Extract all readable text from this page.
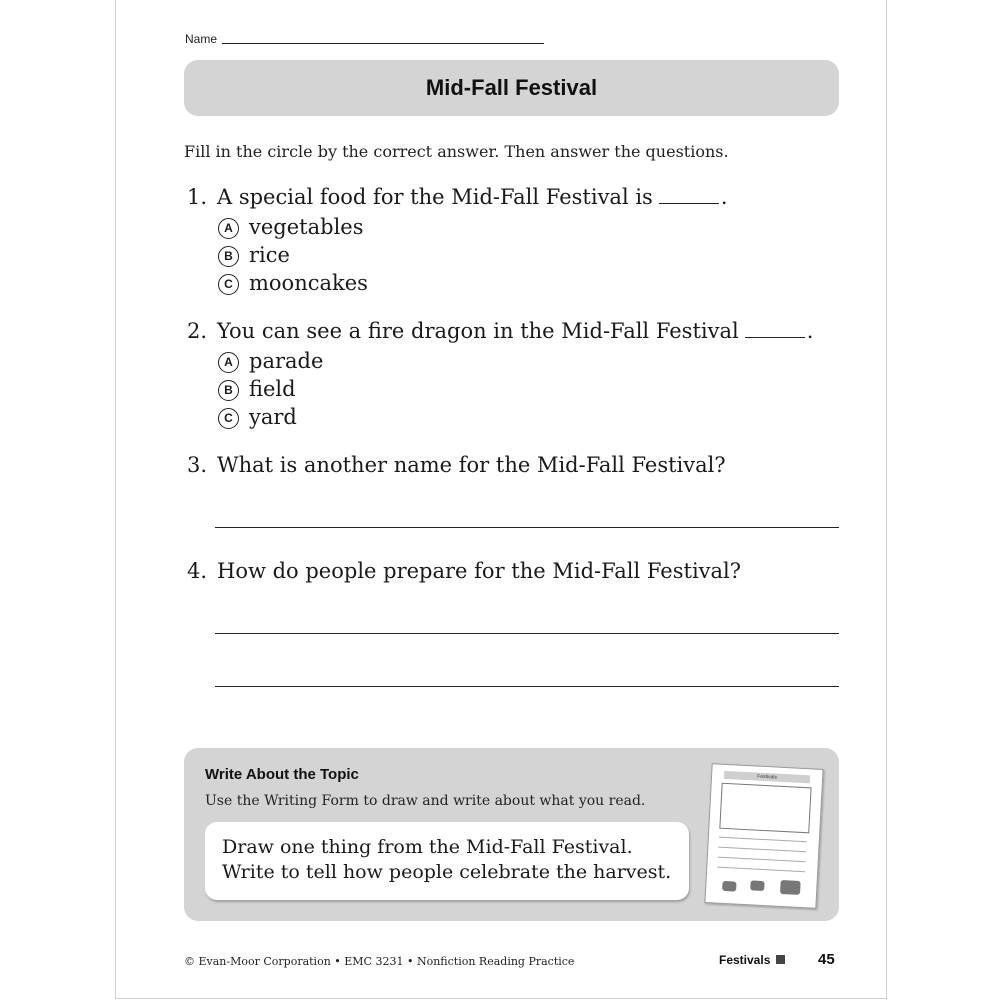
Name
Mid-Fall Festival
Fill in the circle by the correct answer. Then answer the questions.
1. A special food for the Mid-Fall Festival is	.
A vegetables
B rice
C mooncakes
2. You can see a fire dragon in the Mid-Fall Festival	.
A parade
B field
C yard
3. What is another name for the Mid-Fall Festival?
4. How do people prepare for the Mid-Fall Festival?
Write About the Topic
Use the Writing Form to draw and write about what you read.
Draw one thing from the Mid-Fall Festival.
Write to tell how people celebrate the harvest.
Festivals
© Evan-Moor Corporation • EMC 3231 • Nonfiction Reading Practice	Festivals	45
